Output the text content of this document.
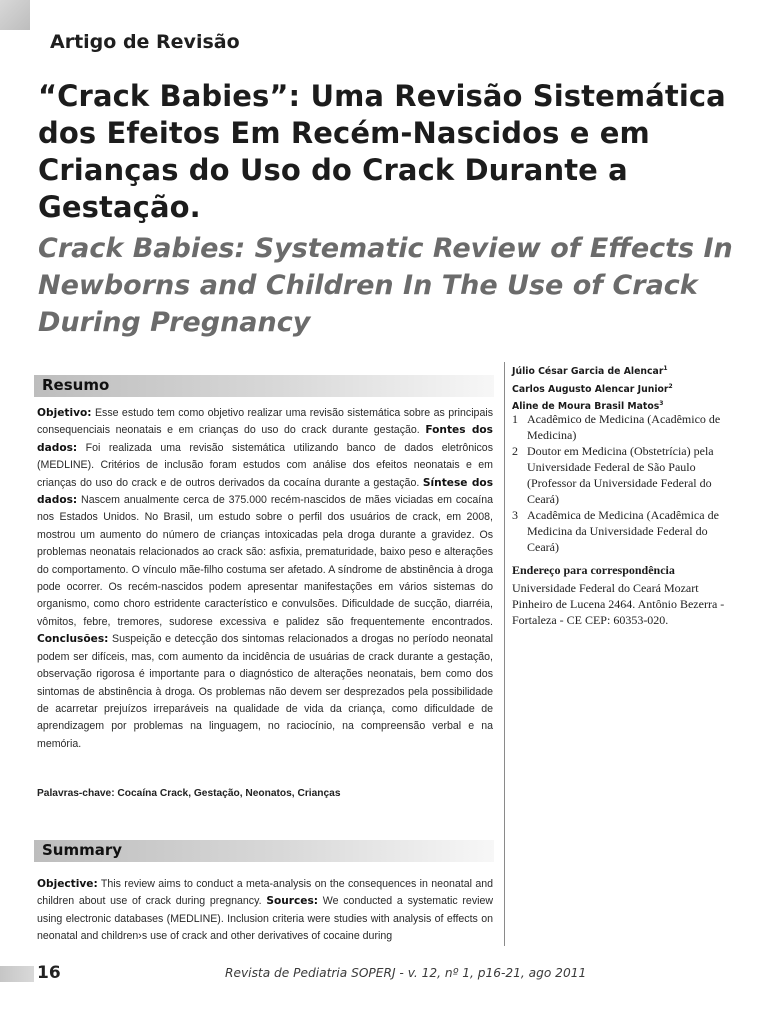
Artigo de Revisão
“Crack Babies”: Uma Revisão Sistemática dos Efeitos Em Recém-Nascidos e em Crianças do Uso do Crack Durante a Gestação.
Crack Babies: Systematic Review of Effects In Newborns and Children In The Use of Crack During Pregnancy
Resumo
Objetivo: Esse estudo tem como objetivo realizar uma revisão sistemática sobre as principais consequenciais neonatais e em crianças do uso do crack durante gestação. Fontes dos dados: Foi realizada uma revisão sistemática utilizando banco de dados eletrônicos (MEDLINE). Critérios de inclusão foram estudos com análise dos efeitos neonatais e em crianças do uso do crack e de outros derivados da cocaína durante a gestação. Síntese dos dados: Nascem anualmente cerca de 375.000 recém-nascidos de mães viciadas em cocaína nos Estados Unidos. No Brasil, um estudo sobre o perfil dos usuários de crack, em 2008, mostrou um aumento do número de crianças intoxicadas pela droga durante a gravidez. Os problemas neonatais relacionados ao crack são: asfixia, prematuridade, baixo peso e alterações do comportamento. O vínculo mãe-filho costuma ser afetado. A síndrome de abstinência à droga pode ocorrer. Os recém-nascidos podem apresentar manifestações em vários sistemas do organismo, como choro estridente característico e convulsões. Dificuldade de sucção, diarréia, vômitos, febre, tremores, sudorese excessiva e palidez são frequentemente encontrados. Conclusões: Suspeição e detecção dos sintomas relacionados a drogas no período neonatal podem ser difíceis, mas, com aumento da incidência de usuárias de crack durante a gestação, observação rigorosa é importante para o diagnóstico de alterações neonatais, bem como dos sintomas de abstinência à droga. Os problemas não devem ser desprezados pela possibilidade de acarretar prejuízos irreparáveis na qualidade de vida da criança, como dificuldade de aprendizagem por problemas na linguagem, no raciocínio, na compreensão verbal e na memória.
Palavras-chave: Cocaína Crack, Gestação, Neonatos, Crianças
Summary
Objective: This review aims to conduct a meta-analysis on the consequences in neonatal and children about use of crack during pregnancy. Sources: We conducted a systematic review using electronic databases (MEDLINE). Inclusion criteria were studies with analysis of effects on neonatal and children›s use of crack and other derivatives of cocaine during
Júlio César Garcia de Alencar$^1$
Carlos Augusto Alencar Junior$^2$
Aline de Moura Brasil Matos$^3$
1 Acadêmico de Medicina (Acadêmico de Medicina)
2 Doutor em Medicina (Obstetrícia) pela Universidade Federal de São Paulo (Professor da Universidade Federal do Ceará)
3 Acadêmica de Medicina (Acadêmica de Medicina da Universidade Federal do Ceará)
Endereço para correspondência
Universidade Federal do Ceará Mozart Pinheiro de Lucena 2464. Antônio Bezerra - Fortaleza - CE CEP: 60353-020.
16	Revista de Pediatria SOPERJ - v. 12, nº 1, p16-21, ago 2011
